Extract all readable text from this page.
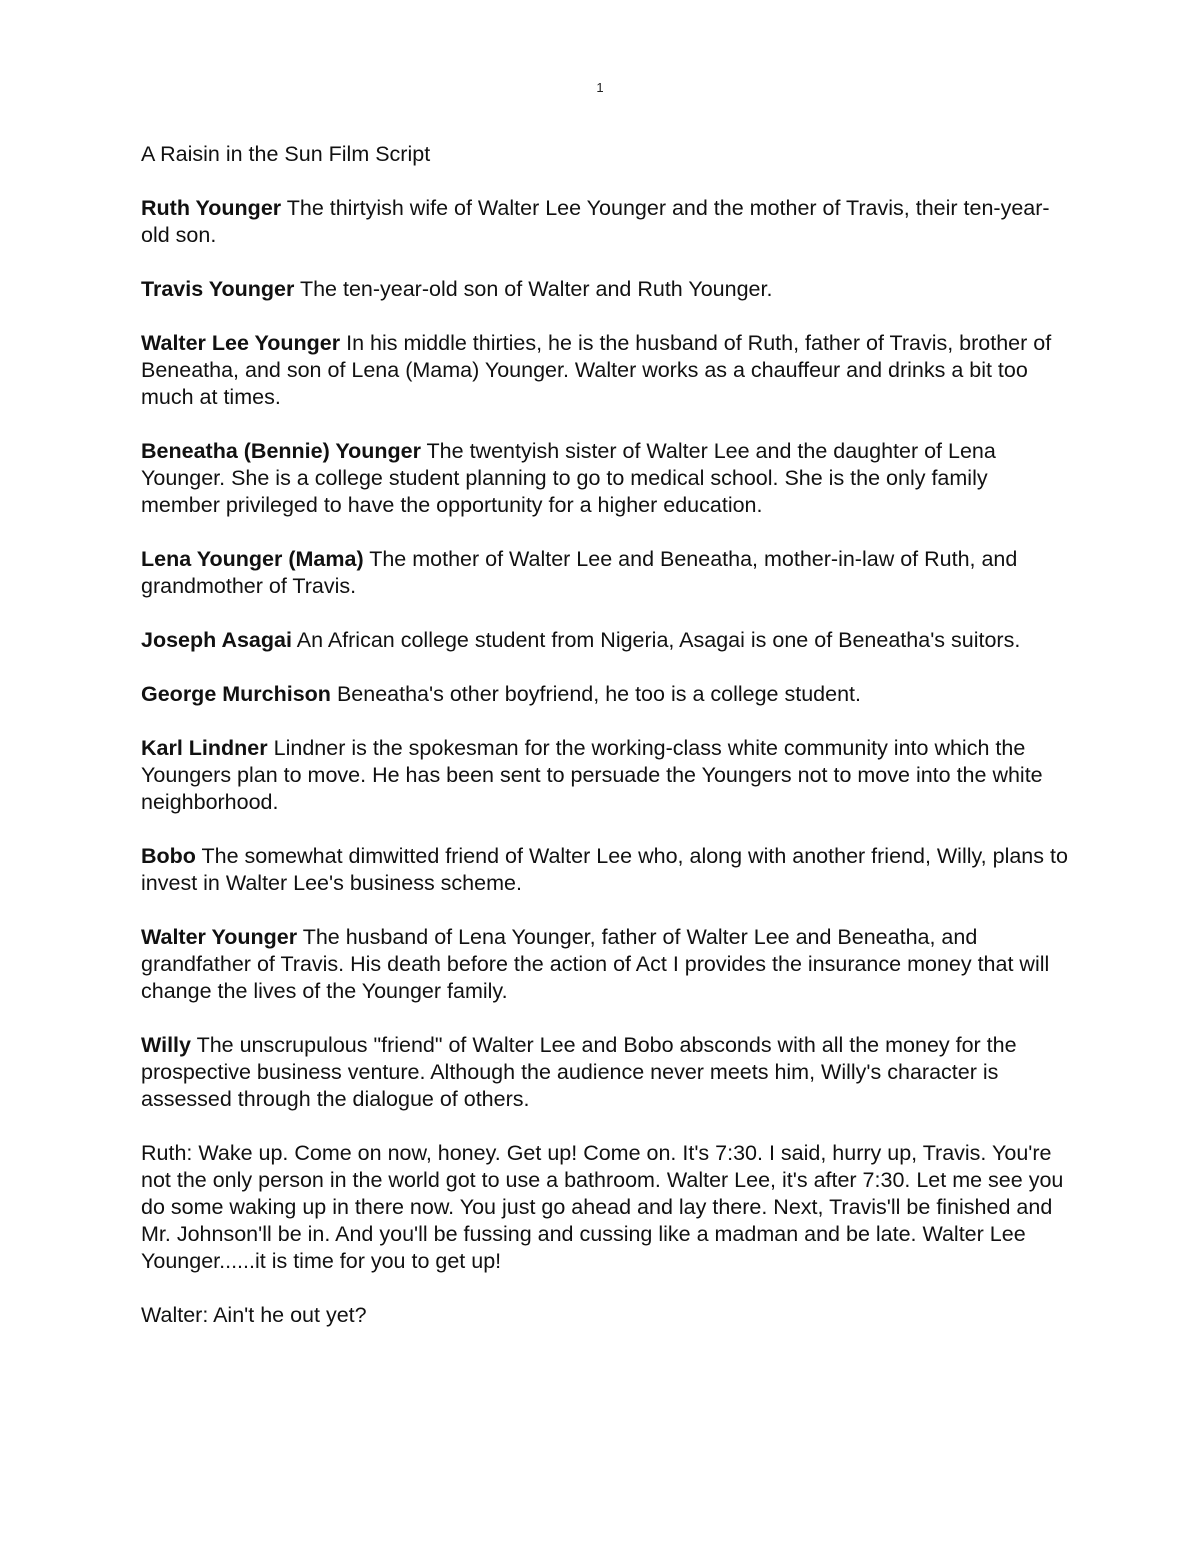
1

A Raisin in the Sun Film Script

Ruth Younger The thirtyish wife of Walter Lee Younger and the mother of Travis, their ten-year-old son.

Travis Younger The ten-year-old son of Walter and Ruth Younger.

Walter Lee Younger In his middle thirties, he is the husband of Ruth, father of Travis, brother of Beneatha, and son of Lena (Mama) Younger. Walter works as a chauffeur and drinks a bit too much at times.

Beneatha (Bennie) Younger The twentyish sister of Walter Lee and the daughter of Lena Younger. She is a college student planning to go to medical school. She is the only family member privileged to have the opportunity for a higher education.

Lena Younger (Mama) The mother of Walter Lee and Beneatha, mother-in-law of Ruth, and grandmother of Travis.

Joseph Asagai An African college student from Nigeria, Asagai is one of Beneatha's suitors.

George Murchison Beneatha's other boyfriend, he too is a college student.

Karl Lindner Lindner is the spokesman for the working-class white community into which the Youngers plan to move. He has been sent to persuade the Youngers not to move into the white neighborhood.

Bobo The somewhat dimwitted friend of Walter Lee who, along with another friend, Willy, plans to invest in Walter Lee's business scheme.

Walter Younger The husband of Lena Younger, father of Walter Lee and Beneatha, and grandfather of Travis. His death before the action of Act I provides the insurance money that will change the lives of the Younger family.

Willy The unscrupulous "friend" of Walter Lee and Bobo absconds with all the money for the prospective business venture. Although the audience never meets him, Willy's character is assessed through the dialogue of others.

Ruth: Wake up. Come on now, honey. Get up! Come on. It's 7:30. I said, hurry up, Travis. You're not the only person in the world got to use a bathroom. Walter Lee, it's after 7:30. Let me see you do some waking up in there now. You just go ahead and lay there. Next, Travis'll be finished and Mr. Johnson'll be in. And you'll be fussing and cussing like a madman and be late. Walter Lee Younger......it is time for you to get up!

Walter: Ain't he out yet?
